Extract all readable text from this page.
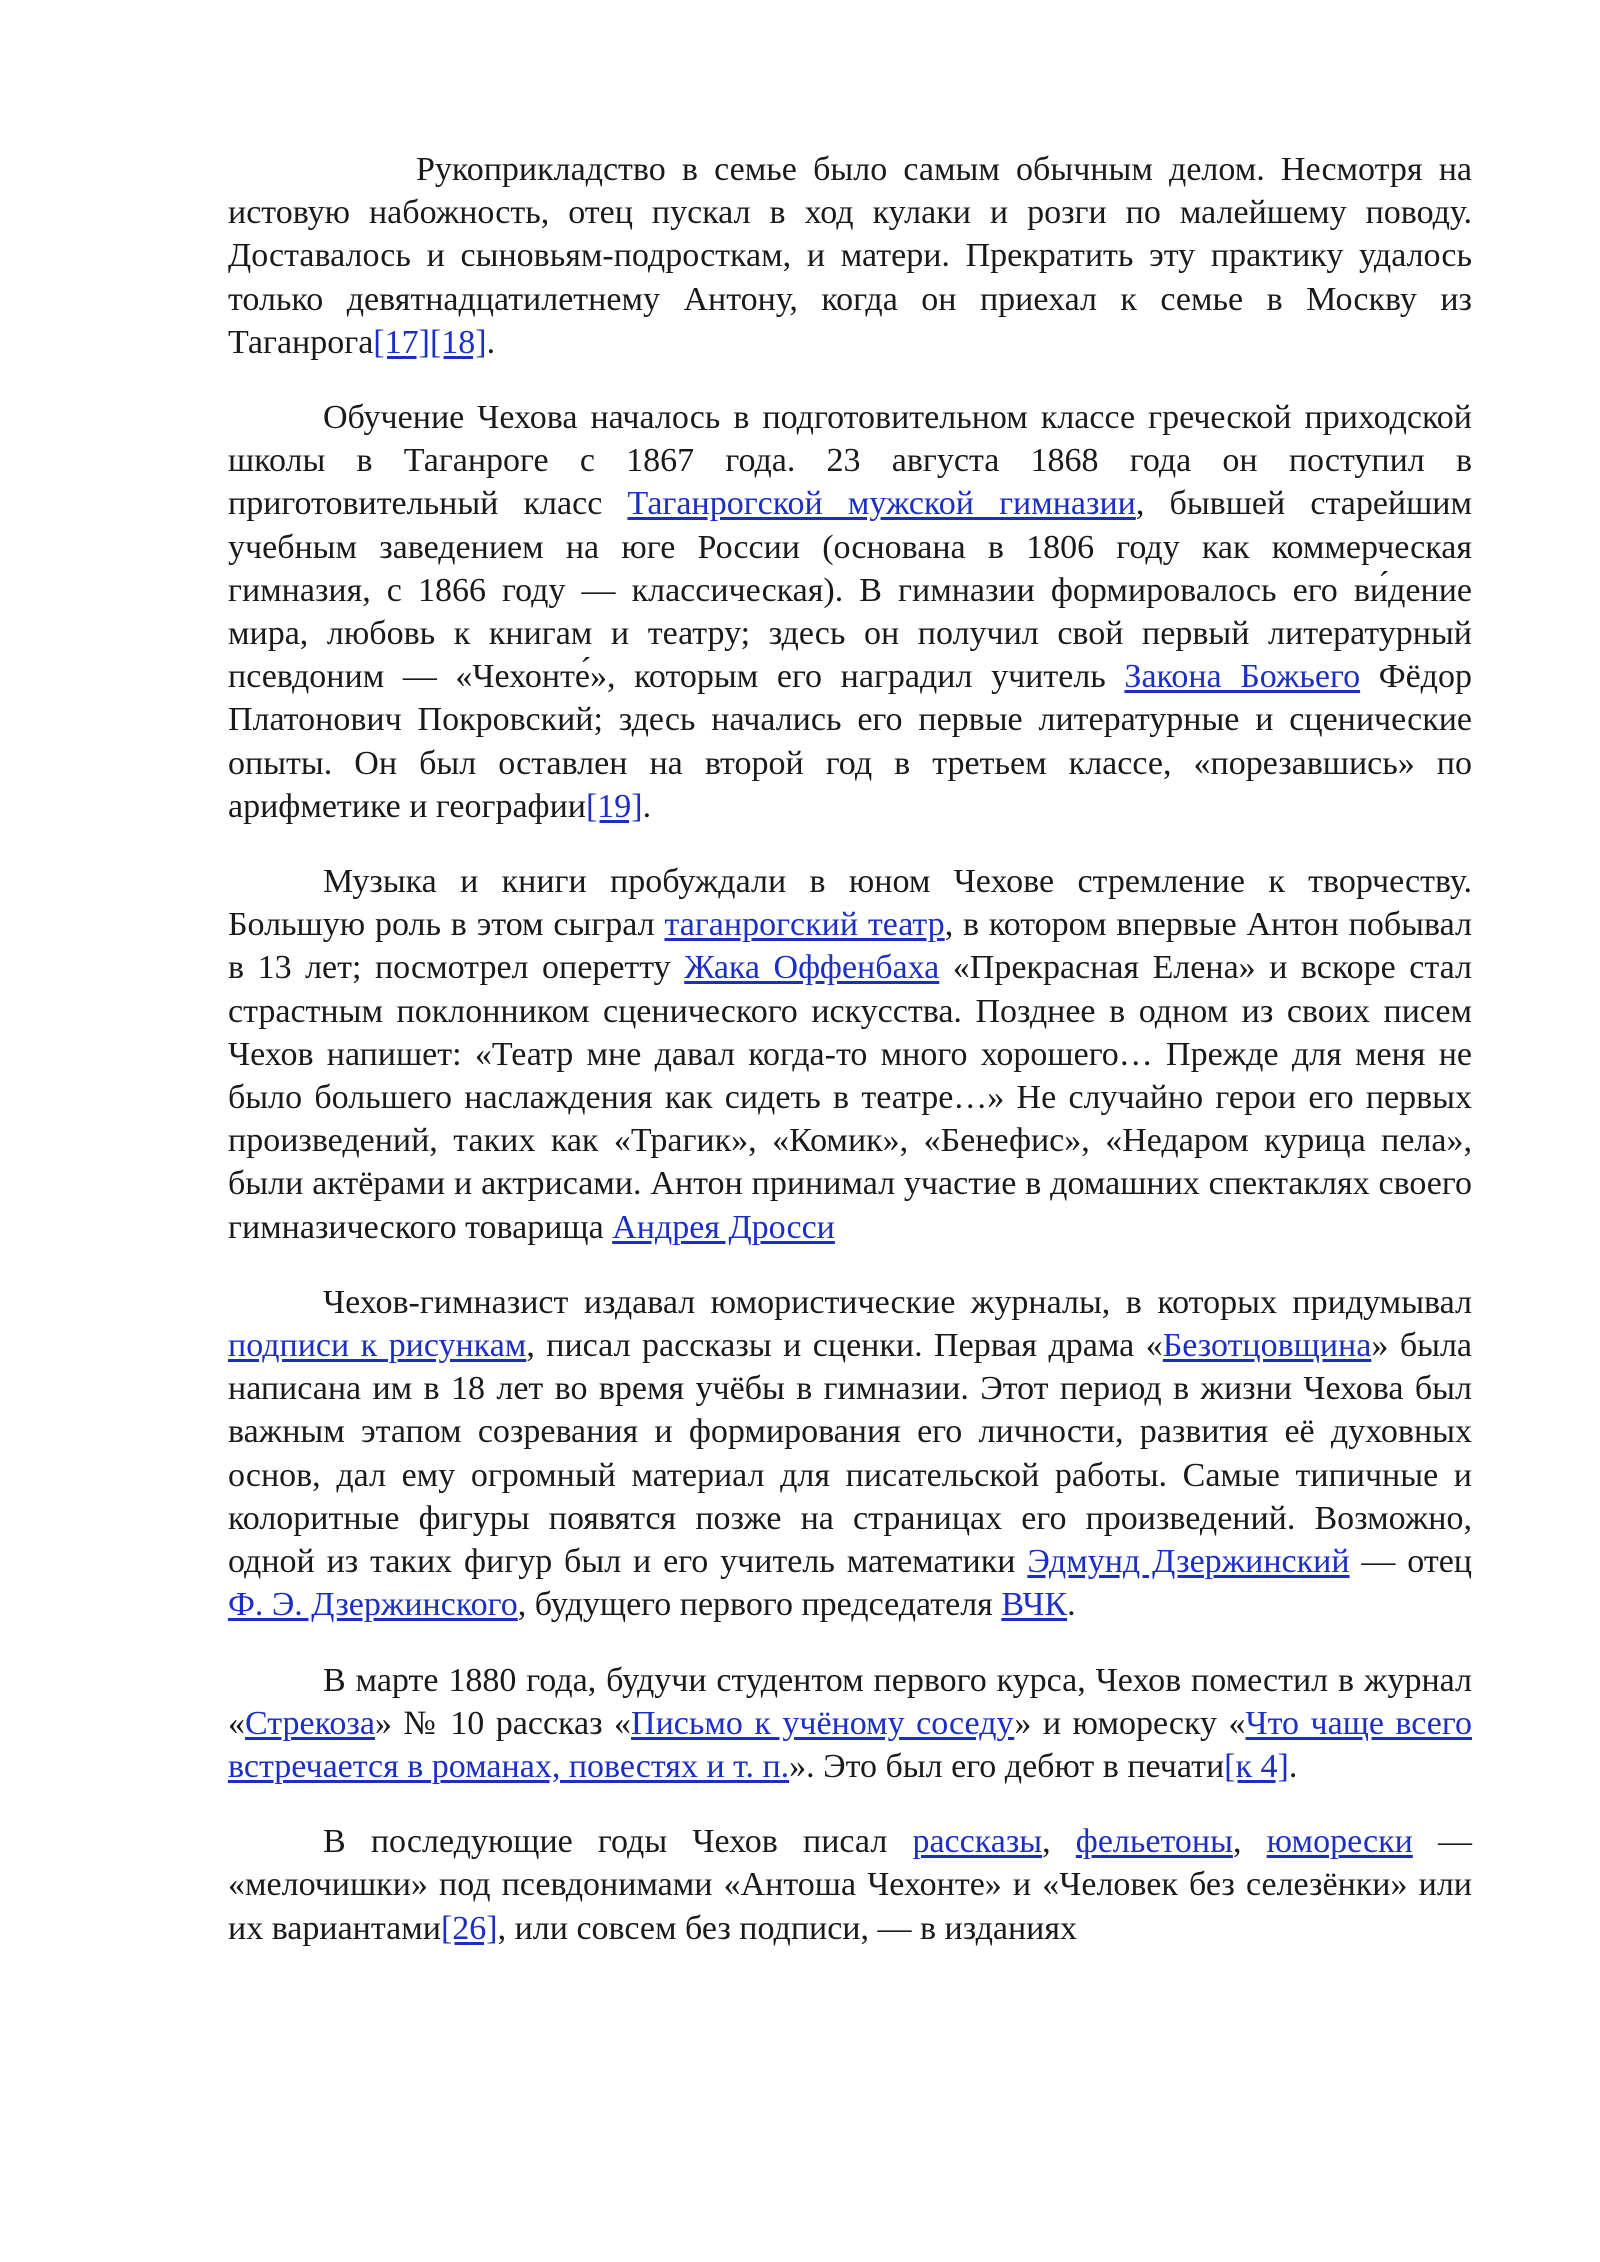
Рукоприкладство в семье было самым обычным делом. Несмотря на истовую набожность, отец пускал в ход кулаки и розги по малейшему поводу. Доставалось и сыновьям-подросткам, и матери. Прекратить эту практику удалось только девятнадцатилетнему Антону, когда он приехал к семье в Москву из Таганрога[17][18].

Обучение Чехова началось в подготовительном классе греческой приходской школы в Таганроге с 1867 года. 23 августа 1868 года он поступил в приготовительный класс Таганрогской мужской гимназии, бывшей старейшим учебным заведением на юге России (основана в 1806 году как коммерческая гимназия, с 1866 году — классическая). В гимназии формировалось его ви́дение мира, любовь к книгам и театру; здесь он получил свой первый литературный псевдоним — «Чехонте́», которым его наградил учитель Закона Божьего Фёдор Платонович Покровский; здесь начались его первые литературные и сценические опыты. Он был оставлен на второй год в третьем классе, «порезавшись» по арифметике и географии[19].

Музыка и книги пробуждали в юном Чехове стремление к творчеству. Большую роль в этом сыграл таганрогский театр, в котором впервые Антон побывал в 13 лет; посмотрел оперетту Жака Оффенбаха «Прекрасная Елена» и вскоре стал страстным поклонником сценического искусства. Позднее в одном из своих писем Чехов напишет: «Театр мне давал когда-то много хорошего… Прежде для меня не было большего наслаждения как сидеть в театре…» Не случайно герои его первых произведений, таких как «Трагик», «Комик», «Бенефис», «Недаром курица пела», были актёрами и актрисами. Антон принимал участие в домашних спектаклях своего гимназического товарища Андрея Дросси

Чехов-гимназист издавал юмористические журналы, в которых придумывал подписи к рисункам, писал рассказы и сценки. Первая драма «Безотцовщина» была написана им в 18 лет во время учёбы в гимназии. Этот период в жизни Чехова был важным этапом созревания и формирования его личности, развития её духовных основ, дал ему огромный материал для писательской работы. Самые типичные и колоритные фигуры появятся позже на страницах его произведений. Возможно, одной из таких фигур был и его учитель математики Эдмунд Дзержинский — отец Ф. Э. Дзержинского, будущего первого председателя ВЧК.

В марте 1880 года, будучи студентом первого курса, Чехов поместил в журнал «Стрекоза» № 10 рассказ «Письмо к учёному соседу» и юмореску «Что чаще всего встречается в романах, повестях и т. п.». Это был его дебют в печати[к 4].

В последующие годы Чехов писал рассказы, фельетоны, юморески — «мелочишки» под псевдонимами «Антоша Чехонте» и «Человек без селезёнки» или их вариантами[26], или совсем без подписи, — в изданиях
